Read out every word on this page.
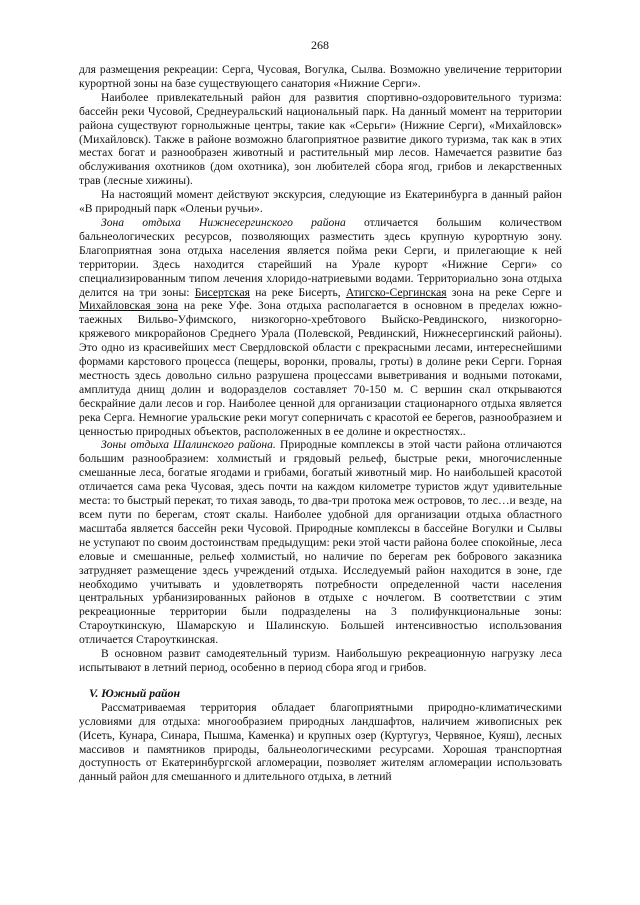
268

для размещения рекреации: Серга, Чусовая, Вогулка, Сылва. Возможно увеличение территории курортной зоны на базе существующего санатория «Нижние Серги».

Наиболее привлекательный район для развития спортивно-оздоровительного туризма: бассейн реки Чусовой, Среднеуральский национальный парк. На данный момент на территории района существуют горнолыжные центры, такие как «Серьги» (Нижние Серги), «Михайловск» (Михайловск). Также в районе возможно благоприятное развитие дикого туризма, так как в этих местах богат и разнообразен животный и растительный мир лесов. Намечается развитие баз обслуживания охотников (дом охотника), зон любителей сбора ягод, грибов и лекарственных трав (лесные хижины).

На настоящий момент действуют экскурсия, следующие из Екатеринбурга в данный район «В природный парк «Оленьи ручьи».

Зона отдыха Нижнесергинского района отличается большим количеством бальнеологических ресурсов, позволяющих разместить здесь крупную курортную зону. Благоприятная зона отдыха населения является пойма реки Серги, и прилегающие к ней территории. Здесь находится старейший на Урале курорт «Нижние Серги» со специализированным типом лечения хлоридо-натриевыми водами. Территориально зона отдыха делится на три зоны: Бисертская на реке Бисерть, Атигско-Сергинская зона на реке Серге и Михайловская зона на реке Уфе. Зона отдыха располагается в основном в пределах южно-таежных Вильво-Уфимского, низкогорно-хребтового Выйско-Ревдинского, низкогорно-кряжевого микрорайонов Среднего Урала (Полевской, Ревдинский, Нижнесергинский районы). Это одно из красивейших мест Свердловской области с прекрасными лесами, интереснейшими формами карстового процесса (пещеры, воронки, провалы, гроты) в долине реки Серги. Горная местность здесь довольно сильно разрушена процессами выветривания и водными потоками, амплитуда днищ долин и водоразделов составляет 70-150 м. С вершин скал открываются бескрайние дали лесов и гор. Наиболее ценной для организации стационарного отдыха является река Серга. Немногие уральские реки могут соперничать с красотой ее берегов, разнообразием и ценностью природных объектов, расположенных в ее долине и окрестностях..

Зоны отдыха Шалинского района. Природные комплексы в этой части района отличаются большим разнообразием: холмистый и грядовый рельеф, быстрые реки, многочисленные смешанные леса, богатые ягодами и грибами, богатый животный мир. Но наибольшей красотой отличается сама река Чусовая, здесь почти на каждом километре туристов ждут удивительные места: то быстрый перекат, то тихая заводь, то два-три протока меж островов, то лес…и везде, на всем пути по берегам, стоят скалы. Наиболее удобной для организации отдыха областного масштаба является бассейн реки Чусовой. Природные комплексы в бассейне Вогулки и Сылвы не уступают по своим достоинствам предыдущим: реки этой части района более спокойные, леса еловые и смешанные, рельеф холмистый, но наличие по берегам рек бобрового заказника затрудняет размещение здесь учреждений отдыха. Исследуемый район находится в зоне, где необходимо учитывать и удовлетворять потребности определенной части населения центральных урбанизированных районов в отдыхе с ночлегом. В соответствии с этим рекреационные территории были подразделены на 3 полифункциональные зоны: Староуткинскую, Шамарскую и Шалинскую. Большей интенсивностью использования отличается Староуткинская.

В основном развит самодеятельный туризм. Наибольшую рекреационную нагрузку леса испытывают в летний период, особенно в период сбора ягод и грибов.

V. Южный район

Рассматриваемая территория обладает благоприятными природно-климатическими условиями для отдыха: многообразием природных ландшафтов, наличием живописных рек (Исеть, Кунара, Синара, Пышма, Каменка) и крупных озер (Куртугуз, Червяное, Куяш), лесных массивов и памятников природы, бальнеологическими ресурсами. Хорошая транспортная доступность от Екатеринбургской агломерации, позволяет жителям агломерации использовать данный район для смешанного и длительного отдыха, в летний
